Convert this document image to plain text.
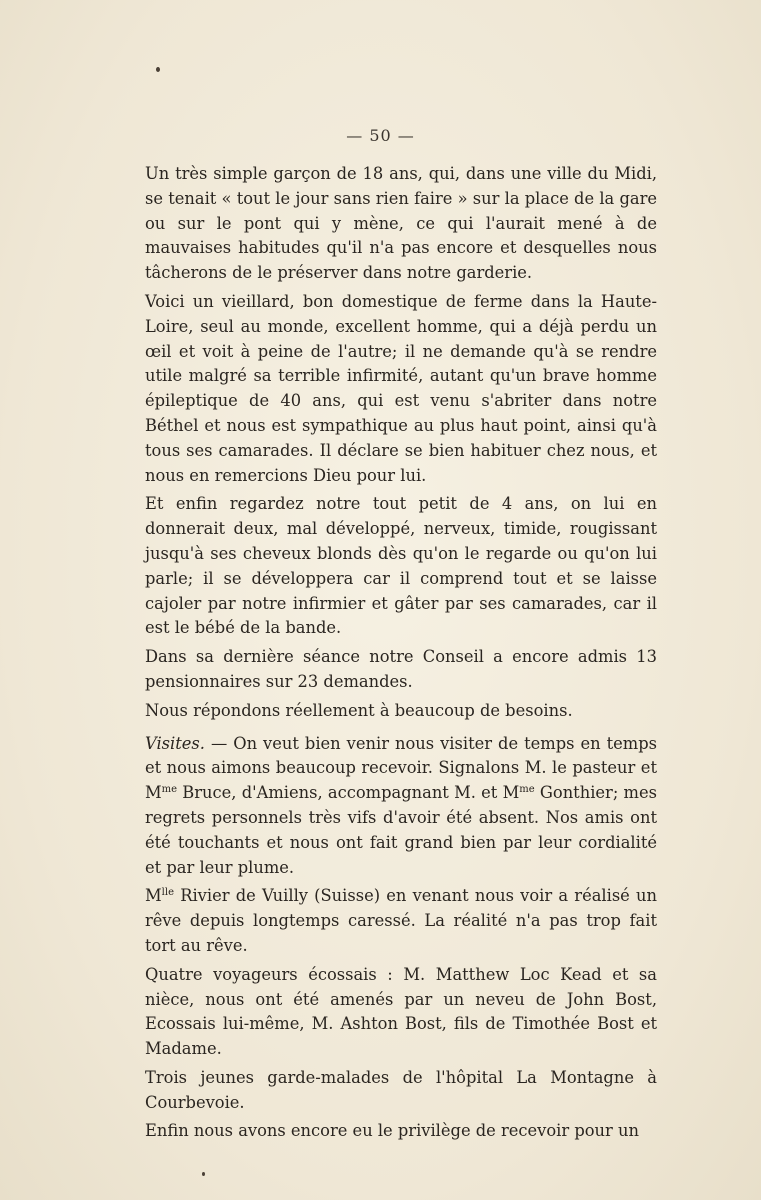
— 50 —

Un très simple garçon de 18 ans, qui, dans une ville du Midi, se tenait « tout le jour sans rien faire » sur la place de la gare ou sur le pont qui y mène, ce qui l'aurait mené à de mauvaises habitudes qu'il n'a pas encore et desquelles nous tâcherons de le préserver dans notre garderie.

Voici un vieillard, bon domestique de ferme dans la Haute-Loire, seul au monde, excellent homme, qui a déjà perdu un œil et voit à peine de l'autre; il ne demande qu'à se rendre utile malgré sa terrible infirmité, autant qu'un brave homme épileptique de 40 ans, qui est venu s'abriter dans notre Béthel et nous est sympathique au plus haut point, ainsi qu'à tous ses camarades. Il déclare se bien habituer chez nous, et nous en remercions Dieu pour lui.

Et enfin regardez notre tout petit de 4 ans, on lui en donnerait deux, mal développé, nerveux, timide, rougissant jusqu'à ses cheveux blonds dès qu'on le regarde ou qu'on lui parle; il se développera car il comprend tout et se laisse cajoler par notre infirmier et gâter par ses camarades, car il est le bébé de la bande.

Dans sa dernière séance notre Conseil a encore admis 13 pensionnaires sur 23 demandes.

Nous répondons réellement à beaucoup de besoins.

Visites. — On veut bien venir nous visiter de temps en temps et nous aimons beaucoup recevoir. Signalons M. le pasteur et $M^{me}$ Bruce, d'Amiens, accompagnant M. et $M^{me}$ Gonthier; mes regrets personnels très vifs d'avoir été absent. Nos amis ont été touchants et nous ont fait grand bien par leur cordialité et par leur plume.

$M^{lle}$ Rivier de Vuilly (Suisse) en venant nous voir a réalisé un rêve depuis longtemps caressé. La réalité n'a pas trop fait tort au rêve.

Quatre voyageurs écossais : M. Matthew Loc Kead et sa nièce, nous ont été amenés par un neveu de John Bost, Ecossais lui-même, M. Ashton Bost, fils de Timothée Bost et Madame.

Trois jeunes garde-malades de l'hôpital La Montagne à Courbevoie.

Enfin nous avons encore eu le privilège de recevoir pour un
